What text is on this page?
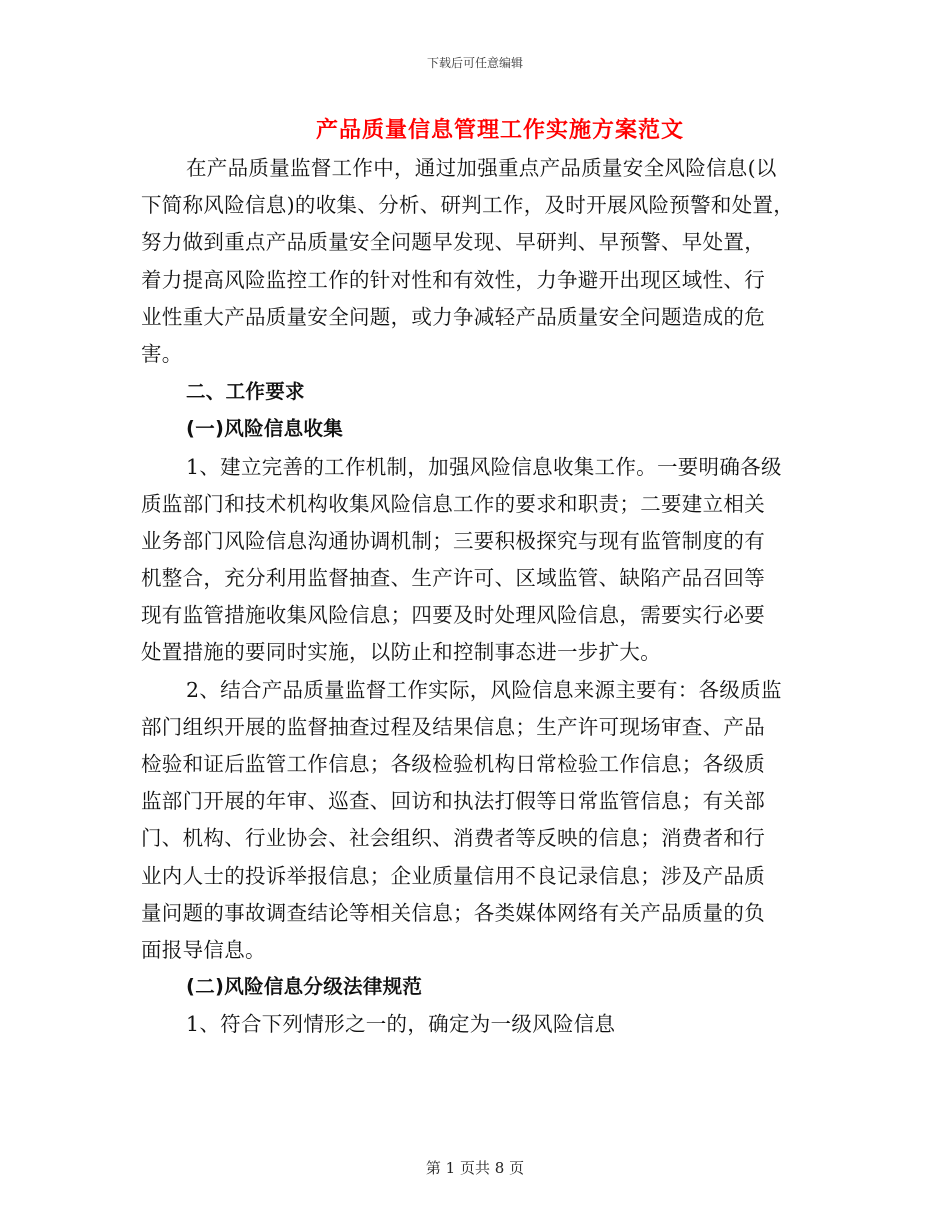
下载后可任意编辑
产品质量信息管理工作实施方案范文
在产品质量监督工作中，通过加强重点产品质量安全风险信息(以
下简称风险信息)的收集、分析、研判工作，及时开展风险预警和处置，
努力做到重点产品质量安全问题早发现、早研判、早预警、早处置，
着力提高风险监控工作的针对性和有效性，力争避开出现区域性、行
业性重大产品质量安全问题，或力争减轻产品质量安全问题造成的危
害。
二、工作要求
(一)风险信息收集
1、建立完善的工作机制，加强风险信息收集工作。一要明确各级
质监部门和技术机构收集风险信息工作的要求和职责；二要建立相关
业务部门风险信息沟通协调机制；三要积极探究与现有监管制度的有
机整合，充分利用监督抽查、生产许可、区域监管、缺陷产品召回等
现有监管措施收集风险信息；四要及时处理风险信息，需要实行必要
处置措施的要同时实施，以防止和控制事态进一步扩大。
2、结合产品质量监督工作实际，风险信息来源主要有：各级质监
部门组织开展的监督抽查过程及结果信息；生产许可现场审查、产品
检验和证后监管工作信息；各级检验机构日常检验工作信息；各级质
监部门开展的年审、巡查、回访和执法打假等日常监管信息；有关部
门、机构、行业协会、社会组织、消费者等反映的信息；消费者和行
业内人士的投诉举报信息；企业质量信用不良记录信息；涉及产品质
量问题的事故调查结论等相关信息；各类媒体网络有关产品质量的负
面报导信息。
(二)风险信息分级法律规范
1、符合下列情形之一的，确定为一级风险信息
第 1 页共 8 页
